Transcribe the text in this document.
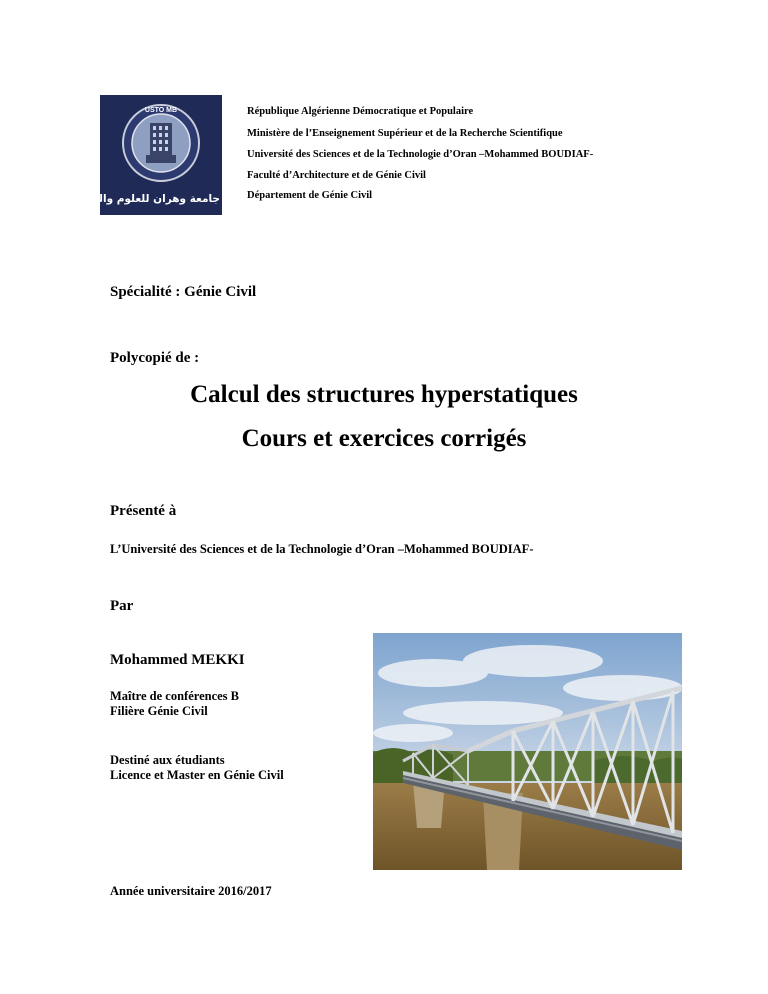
USTO MB
جامعة وهران للعلوم والتكنولوجيا
République Algérienne Démocratique et Populaire
Ministère de l’Enseignement Supérieur et de la Recherche Scientifique
Université des Sciences et de la Technologie d’Oran –Mohammed BOUDIAF-
Faculté d’Architecture et de Génie Civil
Département de Génie Civil
Spécialité : Génie Civil
Polycopié de :
Calcul des structures hyperstatiques
Cours et exercices corrigés
Présenté à
L’Université des Sciences et de la Technologie d’Oran –Mohammed BOUDIAF-
Par
Mohammed MEKKI
Maître de conférences B
Filière Génie Civil
Destiné aux étudiants
Licence et Master en Génie Civil
Année universitaire 2016/2017
